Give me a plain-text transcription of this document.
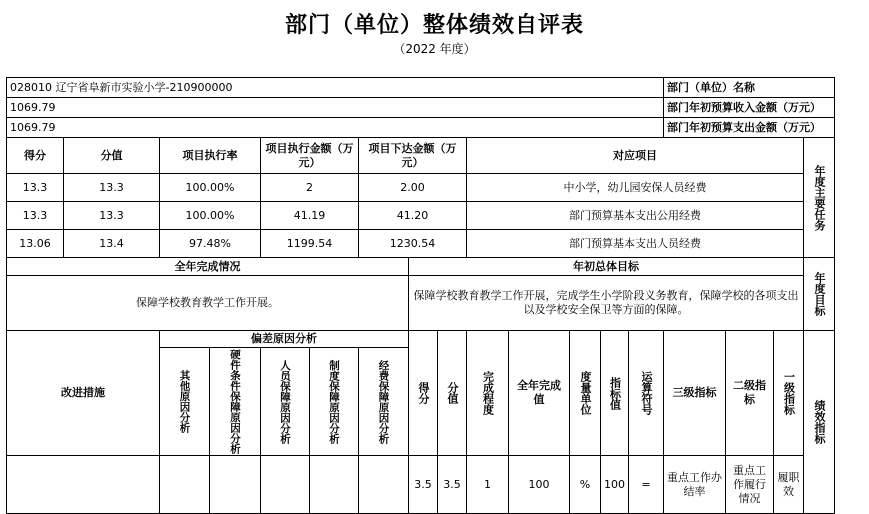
部门（单位）整体绩效自评表
（2022 年度）
028010 辽宁省阜新市实验小学-210900000														部门（单位）名称			
1069.79														部门年初预算收入金额（万元）			
1069.79														部门年初预算支出金额（万元）			
得分	分值	项目执行率		项目执行金额（万元）		项目下达金额（万元）			对应项目								年度主要任务

13.3	13.3	100.00%		2		2.00			中小学，幼儿园安保人员经费								
13.3	13.3	100.00%		41.19		41.20			部门预算基本支出公用经费								
13.06	13.4	97.48%		1199.54		1230.54			部门预算基本支出人员经费								
全年完成情况							年初总体目标										年度目标

保障学校教育教学工作开展。							保障学校教育教学工作开展，完成学生小学阶段义务教育，保障学校的各项支出以及学校安全保卫等方面的保障。										
改进措施		偏差原因分析					得分	分值	完成程度	全年完成值	度量单位	指标值	运算符号	三级指标	二级指标	一级指标	绩效指标

		其他原因分析	硬件条件保障原因分析	人员保障原因分析	制度保障原因分析	经费保障原因分析											

							3.5	3.5	1	100	%	100	=	重点工作办结率	重点工作履行情况	履职效	
